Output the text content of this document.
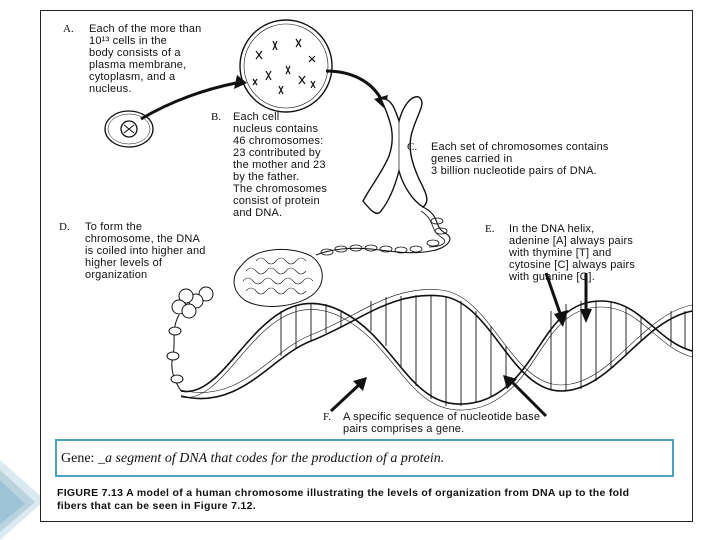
A. Each of the more than
10¹³ cells in the
body consists of a
plasma membrane,
cytoplasm, and a
nucleus.
B. Each cell
nucleus contains
46 chromosomes:
23 contributed by
the mother and 23
by the father.
The chromosomes
consist of protein
and DNA.
C. Each set of chromosomes contains
genes carried in
3 billion nucleotide pairs of DNA.
D. To form the
chromosome, the DNA
is coiled into higher and
higher levels of
organization
E. In the DNA helix,
adenine [A] always pairs
with thymine [T] and
cytosine [C] always pairs
with guanine [G].
F. A specific sequence of nucleotide base
pairs comprises a gene.
Gene: _a segment of DNA that codes for the production of a protein.
FIGURE 7.13 A model of a human chromosome illustrating the levels of organization from DNA up to the fold
fibers that can be seen in Figure 7.12.
